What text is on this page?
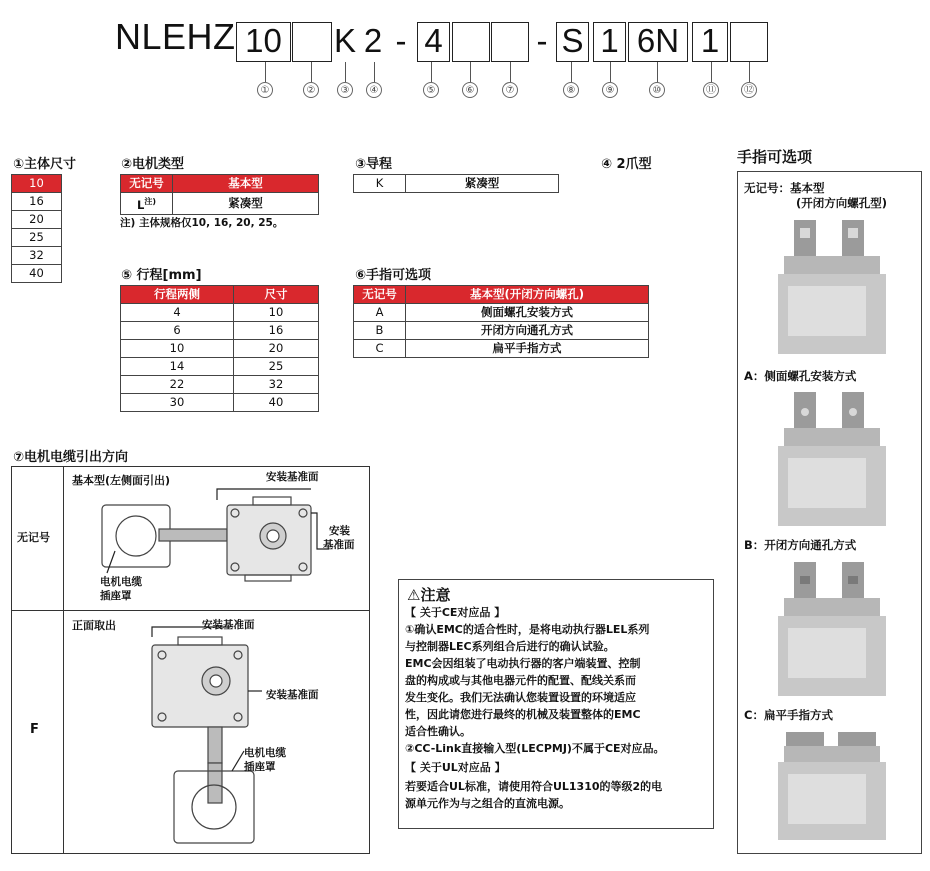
NLEHZ 10 K 2 - 4	- S 1 6N 1
①	②	③	④	⑤	⑥	⑦	⑧	⑨	⑩	⑪	⑫
①主体尺寸
10
16
20
25
32
40
②电机类型
无记号	基本型
$L^{注)}$	紧凑型
注) 主体规格仅10, 16, 20, 25。
③导程
K	紧凑型
④ 2爪型
⑤ 行程[mm]
行程两侧	尺寸
4	10
6	16
10	20
14	25
22	32
30	40
⑥手指可选项
无记号	基本型(开闭方向螺孔)
A	侧面螺孔安装方式
B	开闭方向通孔方式
C	扁平手指方式
⑦电机电缆引出方向
无记号
F
基本型(左侧面引出)
正面取出
安装基准面
安装
基准面
电机电缆
插座罩
安装基准面
安装基准面
电机电缆
插座罩
⚠注意
【 关于CE对应品 】
①确认EMC的适合性时，是将电动执行器LEL系列
与控制器LEC系列组合后进行的确认试验。
EMC会因组装了电动执行器的客户端装置、控制
盘的构成或与其他电器元件的配置、配线关系而
发生变化。我们无法确认您装置设置的环境适应
性，因此请您进行最终的机械及装置整体的EMC
适合性确认。
②CC-Link直接输入型(LECPMJ)不属于CE对应品。
【 关于UL对应品 】
若要适合UL标准，请使用符合UL1310的等级2的电
源单元作为与之组合的直流电源。
手指可选项
无记号：基本型
(开闭方向螺孔型)
A：侧面螺孔安装方式
B：开闭方向通孔方式
C：扁平手指方式
